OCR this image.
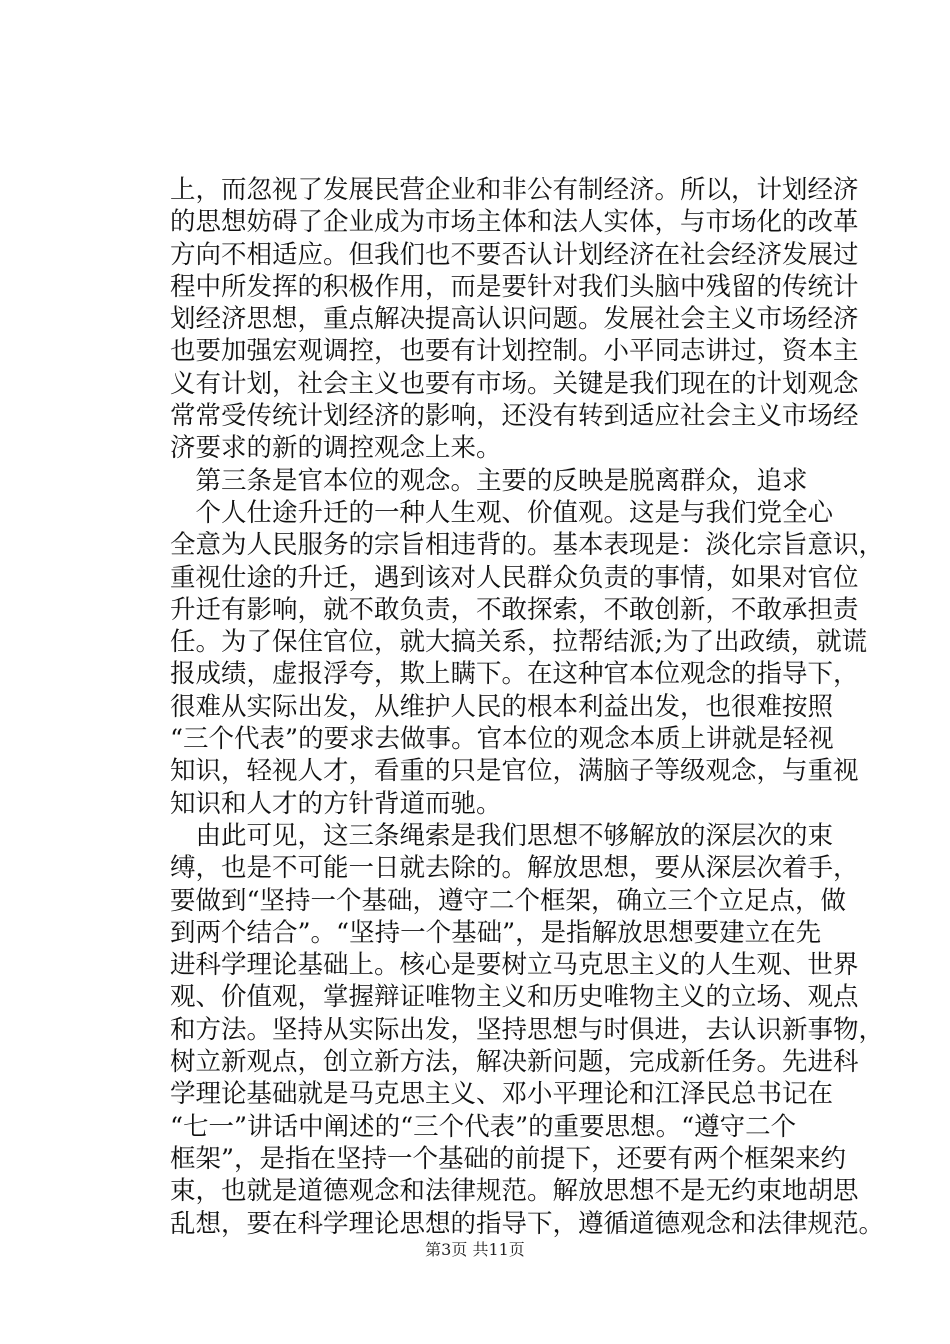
上，而忽视了发展民营企业和非公有制经济。所以，计划经济
的思想妨碍了企业成为市场主体和法人实体，与市场化的改革
方向不相适应。但我们也不要否认计划经济在社会经济发展过
程中所发挥的积极作用，而是要针对我们头脑中残留的传统计
划经济思想，重点解决提高认识问题。发展社会主义市场经济
也要加强宏观调控，也要有计划控制。小平同志讲过，资本主
义有计划，社会主义也要有市场。关键是我们现在的计划观念
常常受传统计划经济的影响，还没有转到适应社会主义市场经
济要求的新的调控观念上来。
　第三条是官本位的观念。主要的反映是脱离群众，追求
　个人仕途升迁的一种人生观、价值观。这是与我们党全心
全意为人民服务的宗旨相违背的。基本表现是：淡化宗旨意识，
重视仕途的升迁，遇到该对人民群众负责的事情，如果对官位
升迁有影响，就不敢负责，不敢探索，不敢创新，不敢承担责
任。为了保住官位，就大搞关系，拉帮结派;为了出政绩，就谎
报成绩，虚报浮夸，欺上瞒下。在这种官本位观念的指导下，
很难从实际出发，从维护人民的根本利益出发，也很难按照
“三个代表”的要求去做事。官本位的观念本质上讲就是轻视
知识，轻视人才，看重的只是官位，满脑子等级观念，与重视
知识和人才的方针背道而驰。
　由此可见，这三条绳索是我们思想不够解放的深层次的束
缚，也是不可能一日就去除的。解放思想，要从深层次着手，
要做到“坚持一个基础，遵守二个框架，确立三个立足点，做
到两个结合”。“坚持一个基础”，是指解放思想要建立在先
进科学理论基础上。核心是要树立马克思主义的人生观、世界
观、价值观，掌握辩证唯物主义和历史唯物主义的立场、观点
和方法。坚持从实际出发，坚持思想与时俱进，去认识新事物，
树立新观点，创立新方法，解决新问题，完成新任务。先进科
学理论基础就是马克思主义、邓小平理论和江泽民总书记在
“七一”讲话中阐述的“三个代表”的重要思想。“遵守二个
框架”，是指在坚持一个基础的前提下，还要有两个框架来约
束，也就是道德观念和法律规范。解放思想不是无约束地胡思
乱想，要在科学理论思想的指导下，遵循道德观念和法律规范。
第3页 共11页
